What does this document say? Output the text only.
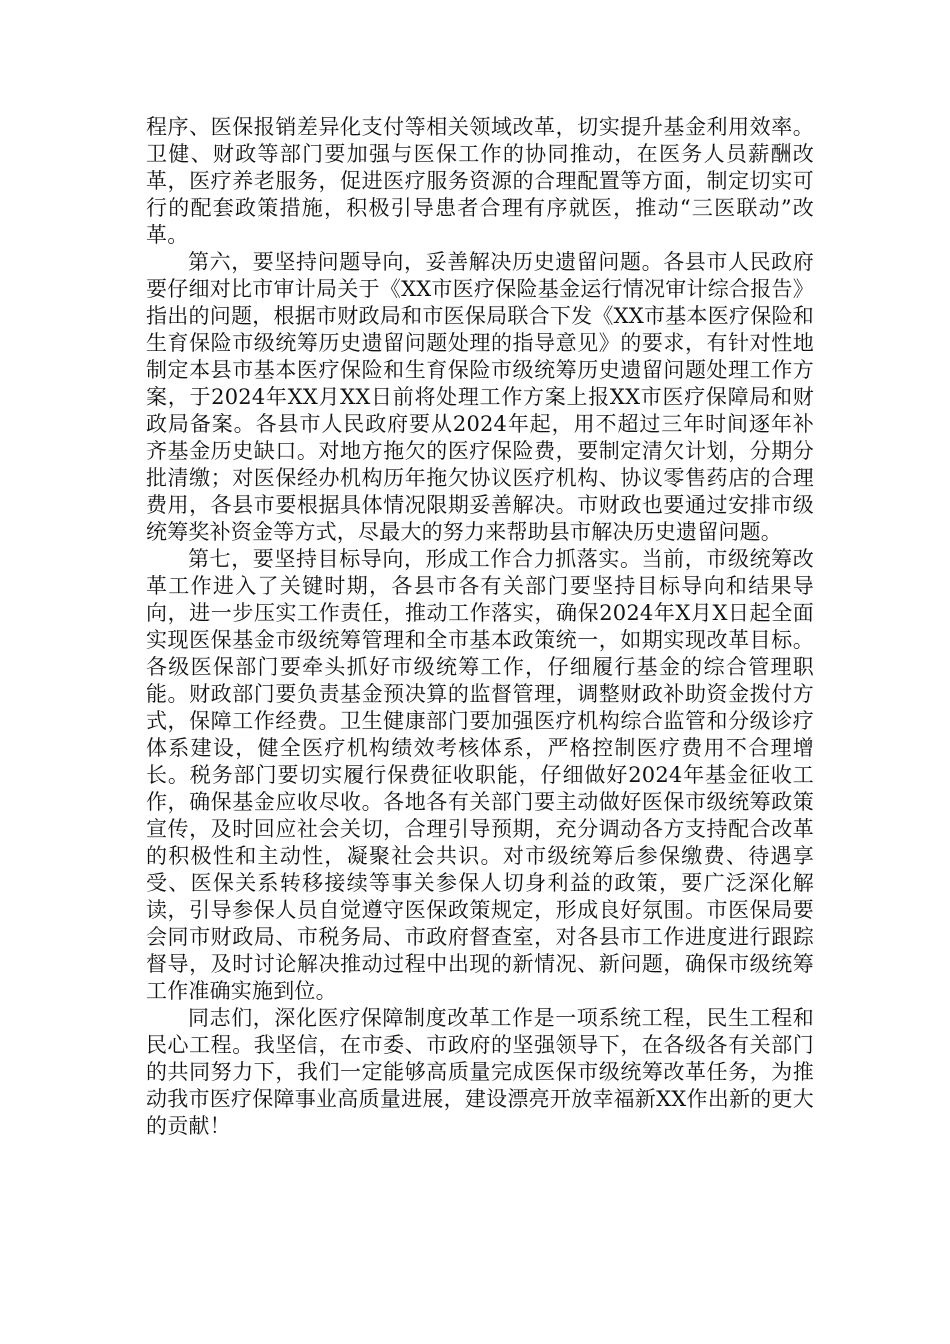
程序、医保报销差异化支付等相关领域改革，切实提升基金利用效率。卫健、财政等部门要加强与医保工作的协同推动，在医务人员薪酬改革，医疗养老服务，促进医疗服务资源的合理配置等方面，制定切实可行的配套政策措施，积极引导患者合理有序就医，推动“三医联动”改革。

第六，要坚持问题导向，妥善解决历史遗留问题。各县市人民政府要仔细对比市审计局关于《XX市医疗保险基金运行情况审计综合报告》指出的问题，根据市财政局和市医保局联合下发《XX市基本医疗保险和生育保险市级统筹历史遗留问题处理的指导意见》的要求，有针对性地制定本县市基本医疗保险和生育保险市级统筹历史遗留问题处理工作方案，于2024年XX月XX日前将处理工作方案上报XX市医疗保障局和财政局备案。各县市人民政府要从2024年起，用不超过三年时间逐年补齐基金历史缺口。对地方拖欠的医疗保险费，要制定清欠计划，分期分批清缴；对医保经办机构历年拖欠协议医疗机构、协议零售药店的合理费用，各县市要根据具体情况限期妥善解决。市财政也要通过安排市级统筹奖补资金等方式，尽最大的努力来帮助县市解决历史遗留问题。

第七，要坚持目标导向，形成工作合力抓落实。当前，市级统筹改革工作进入了关键时期，各县市各有关部门要坚持目标导向和结果导向，进一步压实工作责任，推动工作落实，确保2024年X月X日起全面实现医保基金市级统筹管理和全市基本政策统一，如期实现改革目标。各级医保部门要牵头抓好市级统筹工作，仔细履行基金的综合管理职能。财政部门要负责基金预决算的监督管理，调整财政补助资金拨付方式，保障工作经费。卫生健康部门要加强医疗机构综合监管和分级诊疗体系建设，健全医疗机构绩效考核体系，严格控制医疗费用不合理增长。税务部门要切实履行保费征收职能，仔细做好2024年基金征收工作，确保基金应收尽收。各地各有关部门要主动做好医保市级统筹政策宣传，及时回应社会关切，合理引导预期，充分调动各方支持配合改革的积极性和主动性，凝聚社会共识。对市级统筹后参保缴费、待遇享受、医保关系转移接续等事关参保人切身利益的政策，要广泛深化解读，引导参保人员自觉遵守医保政策规定，形成良好氛围。市医保局要会同市财政局、市税务局、市政府督查室，对各县市工作进度进行跟踪督导，及时讨论解决推动过程中出现的新情况、新问题，确保市级统筹工作准确实施到位。

同志们，深化医疗保障制度改革工作是一项系统工程，民生工程和民心工程。我坚信，在市委、市政府的坚强领导下，在各级各有关部门的共同努力下，我们一定能够高质量完成医保市级统筹改革任务，为推动我市医疗保障事业高质量进展，建设漂亮开放幸福新XX作出新的更大的贡献！
